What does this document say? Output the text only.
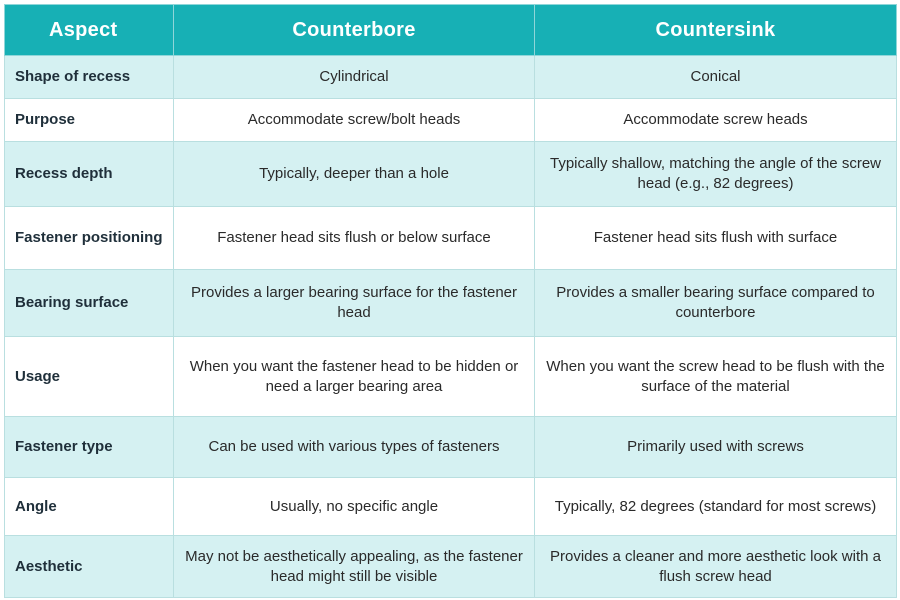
Aspect	Counterbore	Countersink
Shape of recess	Cylindrical	Conical
Purpose	Accommodate screw/bolt heads	Accommodate screw heads
Recess depth	Typically, deeper than a hole	Typically shallow, matching the angle of the screw head (e.g., 82 degrees)
Fastener positioning	Fastener head sits flush or below surface	Fastener head sits flush with surface
Bearing surface	Provides a larger bearing surface for the fastener head	Provides a smaller bearing surface compared to counterbore
Usage	When you want the fastener head to be hidden or need a larger bearing area	When you want the screw head to be flush with the surface of the material
Fastener type	Can be used with various types of fasteners	Primarily used with screws
Angle	Usually, no specific angle	Typically, 82 degrees (standard for most screws)
Aesthetic	May not be aesthetically appealing, as the fastener head might still be visible	Provides a cleaner and more aesthetic look with a flush screw head
